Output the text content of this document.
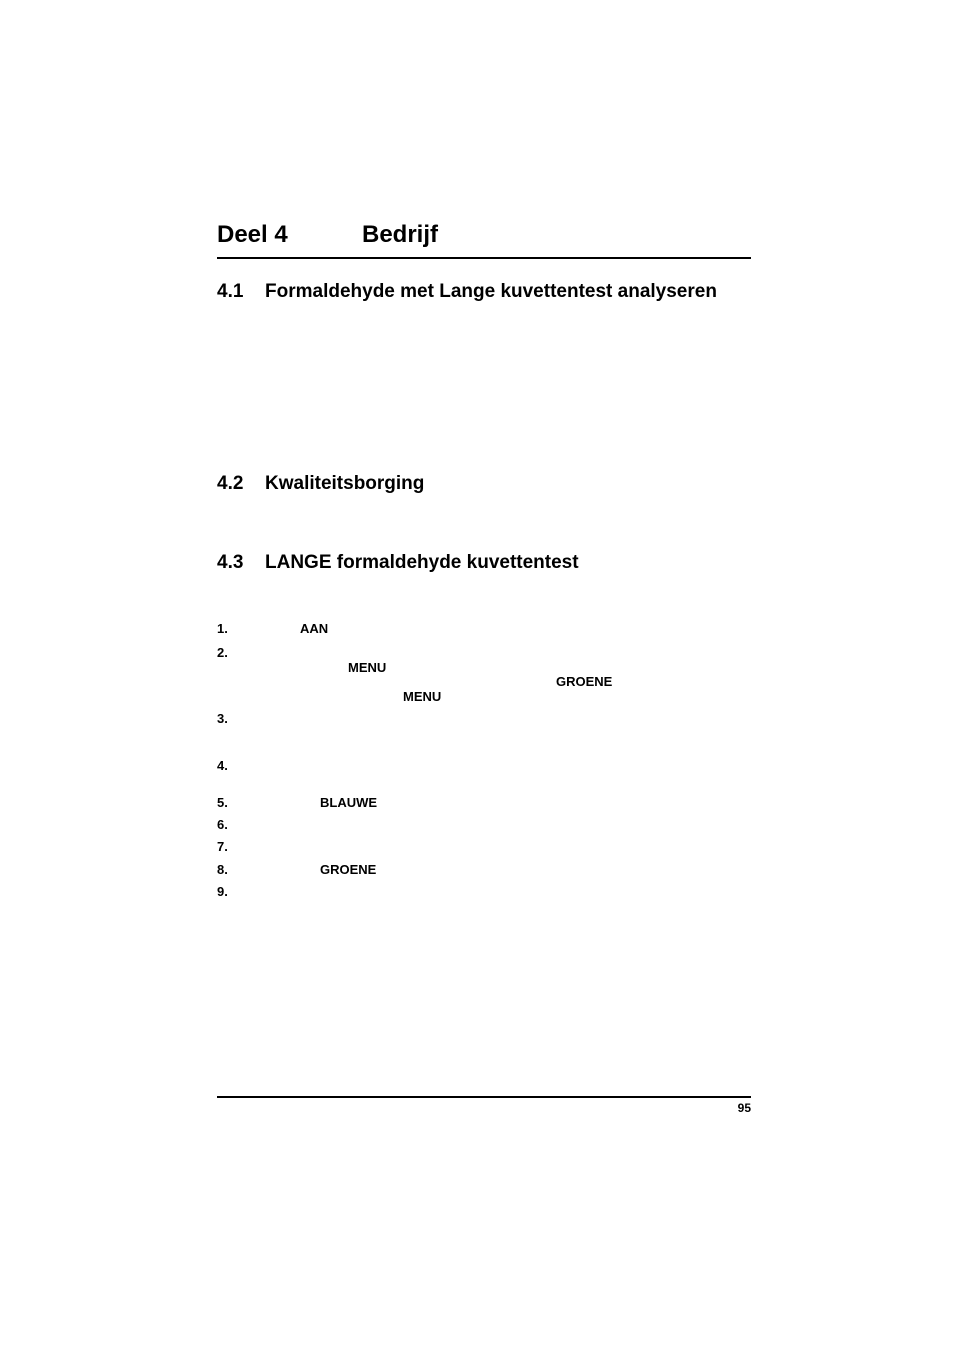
Deel 4	Bedrijf
4.1 Formaldehyde met Lange kuvettentest analyseren
4.2 Kwaliteitsborging
4.3 LANGE formaldehyde kuvettentest
1.	AAN
2.
MENU
GROENE
MENU
3.
4.
5.	BLAUWE
6.
7.
8.	GROENE
9.
95
